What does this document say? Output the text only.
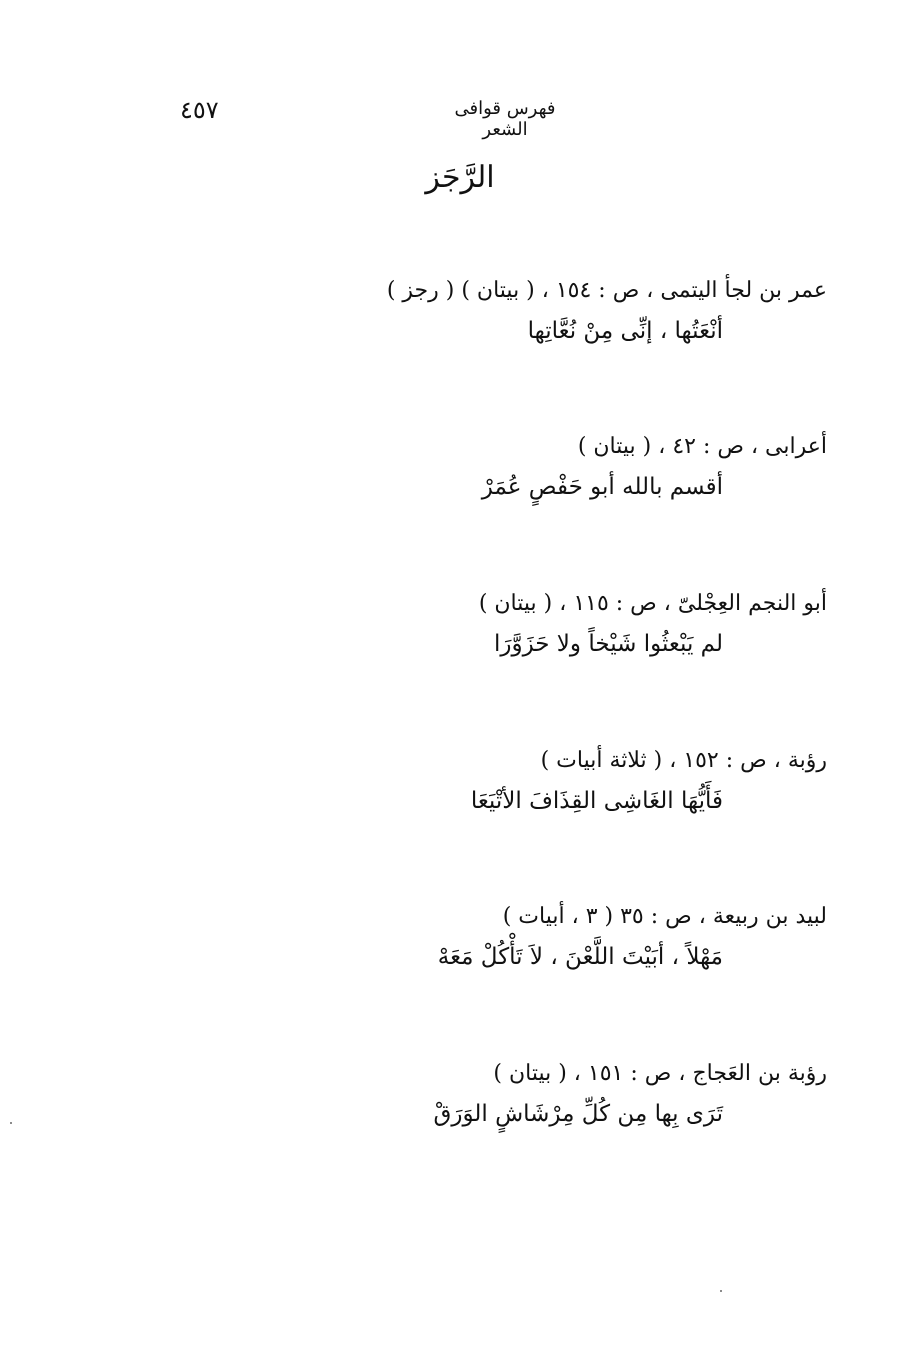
٤٥٧	فهرس قوافى الشعر
الرَّجَز
عمر بن لجأ اليتمى ، ص : ١٥٤ ، ( بيتان ) ( رجز )
أنْعَتُها ، إنِّى مِنْ نُعَّاتِها
أعرابى ، ص : ٤٢ ، ( بيتان )
أقسم بالله أبو حَفْصٍ عُمَرْ
أبو النجم العِجْلىّ ، ص : ١١٥ ، ( بيتان )
لم يَبْعثُوا شَيْخاً ولا حَزَوَّرَا
رؤبة ، ص : ١٥٢ ، ( ثلاثة أبيات )
فَأَيُّهَا الغَاشِى القِذَافَ الأتْيَعَا
لبيد بن ربيعة ، ص : ٣٥ ( ٣ ، أبيات )
مَهْلاً ، أبَيْتَ اللَّعْنَ ، لاَ تَأْكُلْ مَعَهْ
رؤبة بن العَجاج ، ص : ١٥١ ، ( بيتان )
تَرَى بِها مِن كُلِّ مِرْشَاشٍ الوَرَقْ
